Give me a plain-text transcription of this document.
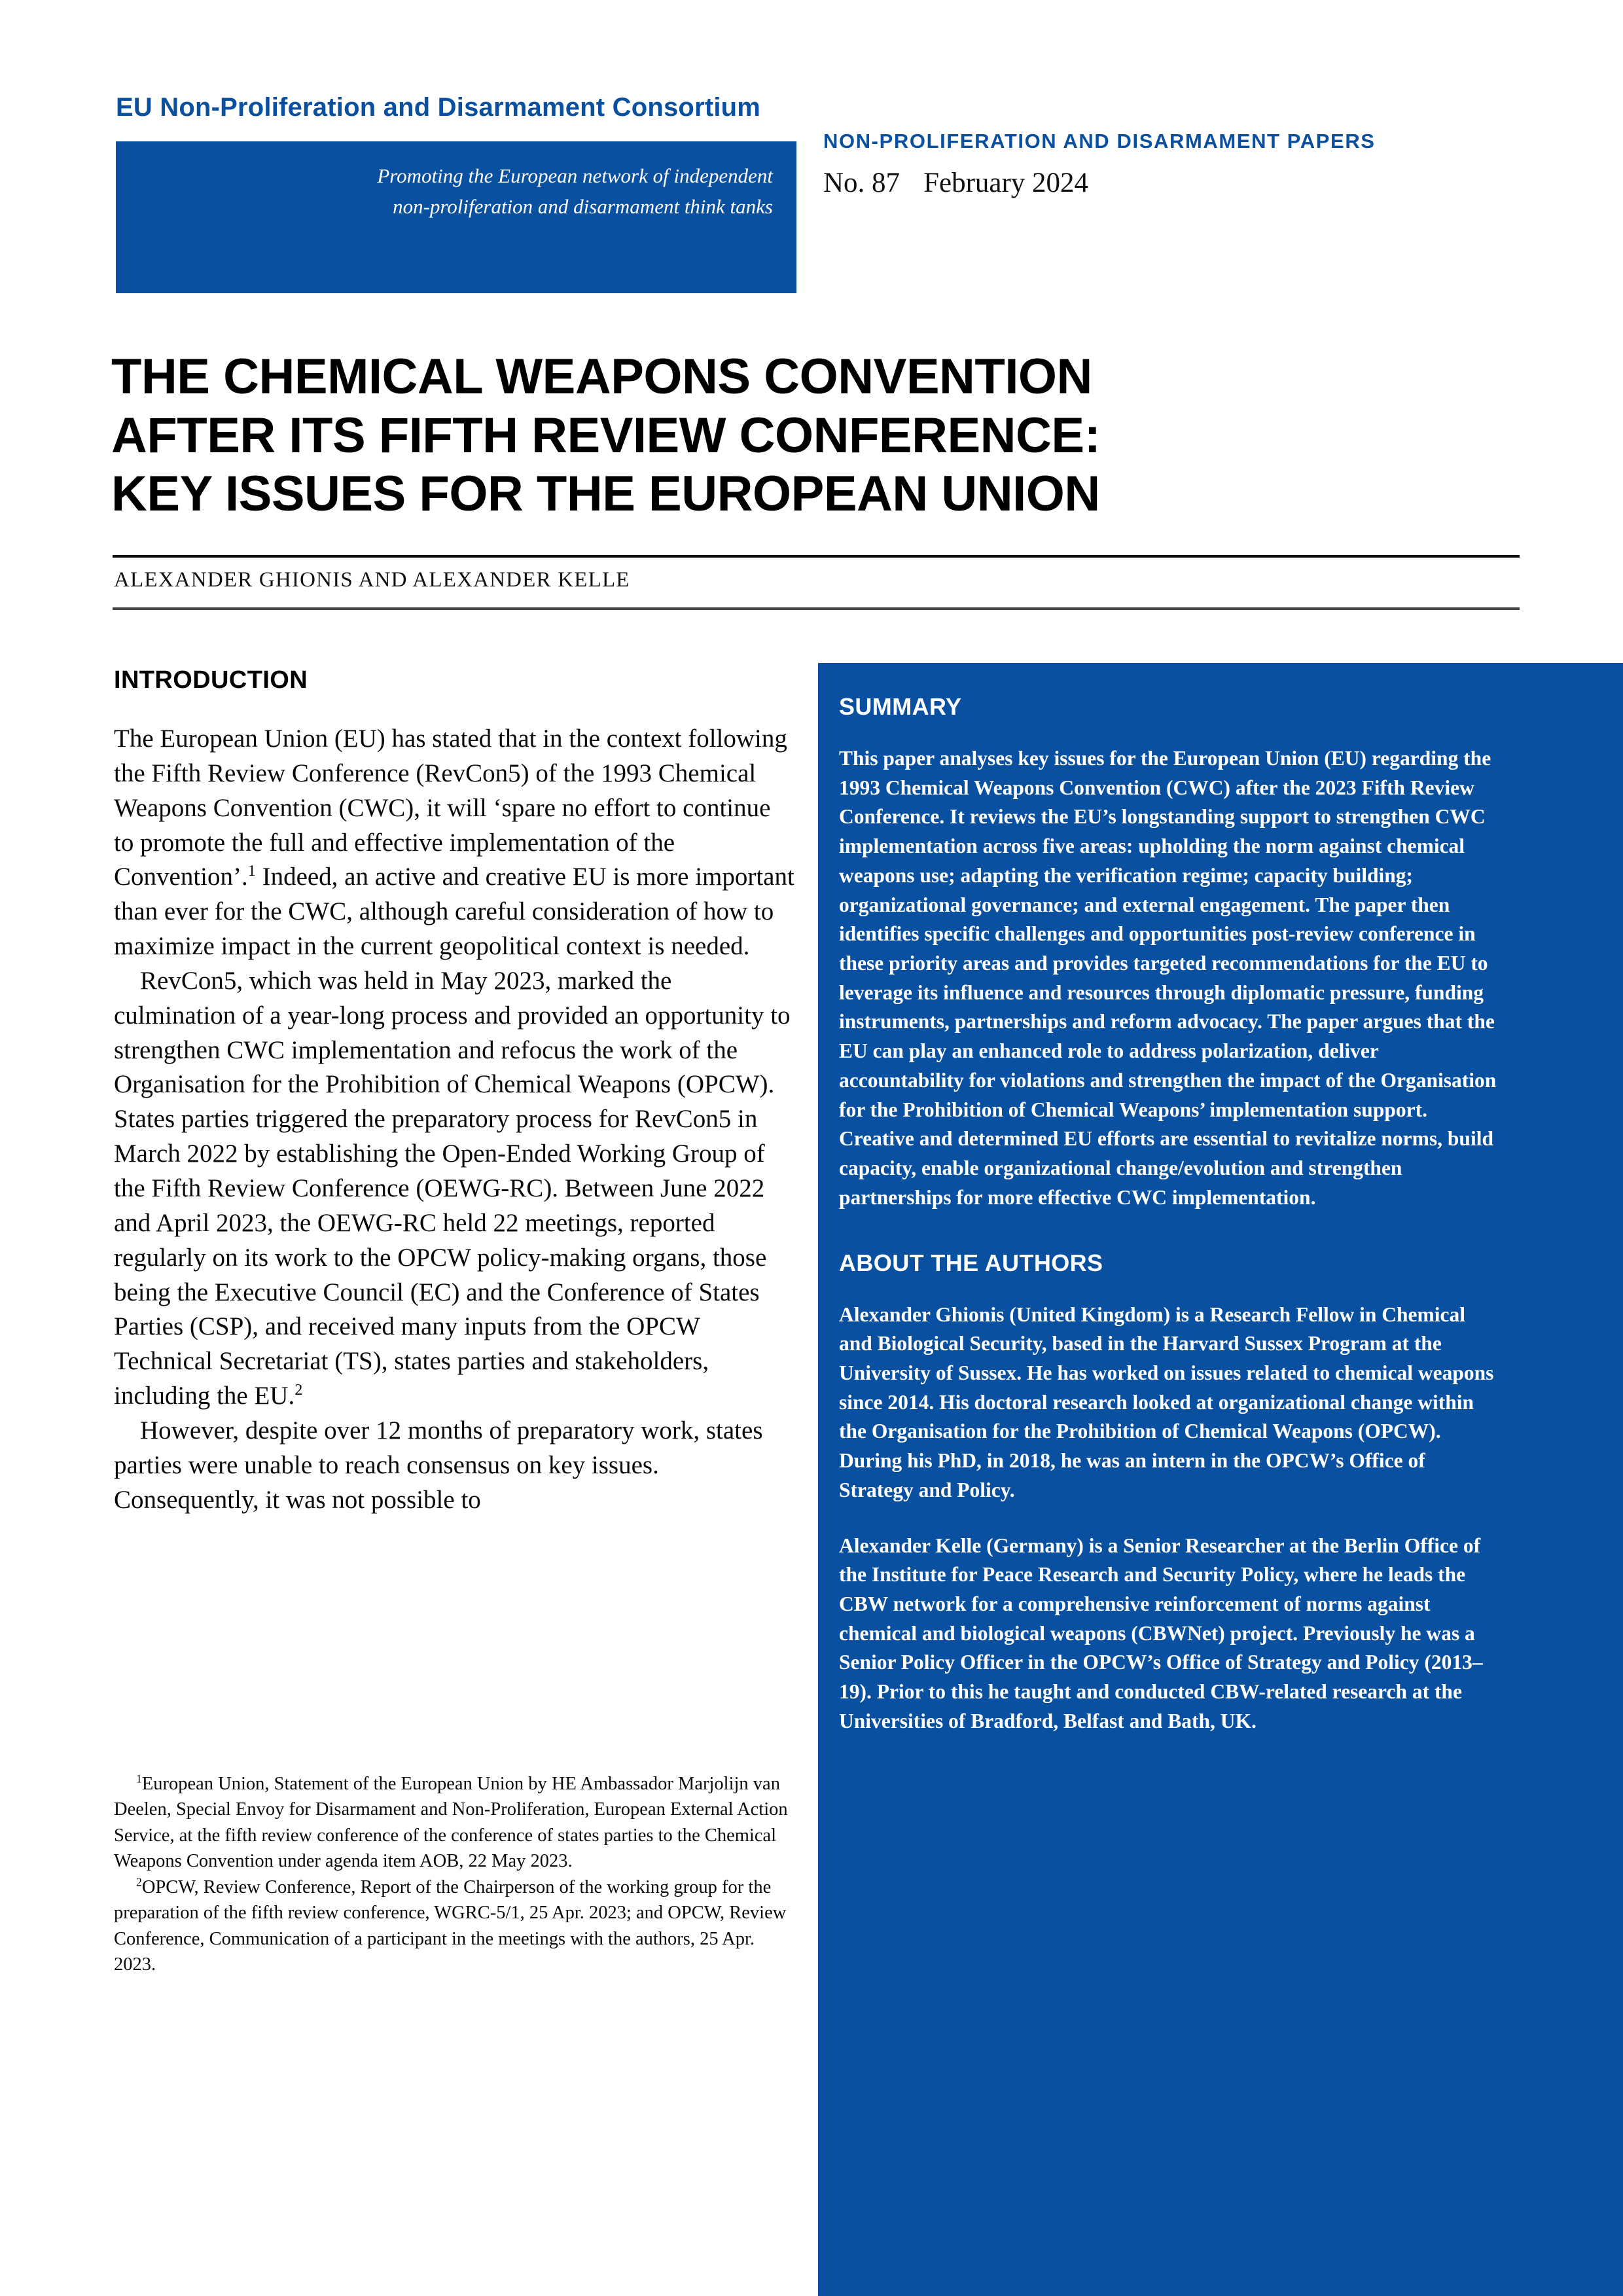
EU Non-Proliferation and Disarmament Consortium
Promoting the European network of independent
non-proliferation and disarmament think tanks
NON-PROLIFERATION AND DISARMAMENT PAPERS
No. 87 February 2024
THE CHEMICAL WEAPONS CONVENTION
AFTER ITS FIFTH REVIEW CONFERENCE:
KEY ISSUES FOR THE EUROPEAN UNION
ALEXANDER GHIONIS AND ALEXANDER KELLE
INTRODUCTION

The European Union (EU) has stated that in the context following the Fifth Review Conference (RevCon5) of the 1993 Chemical Weapons Convention (CWC), it will ‘spare no effort to continue to promote the full and effective implementation of the Convention’.$^1$ Indeed, an active and creative EU is more important than ever for the CWC, although careful consideration of how to maximize impact in the current geopolitical context is needed.

RevCon5, which was held in May 2023, marked the culmination of a year-long process and provided an opportunity to strengthen CWC implementation and refocus the work of the Organisation for the Prohibition of Chemical Weapons (OPCW). States parties triggered the preparatory process for RevCon5 in March 2022 by establishing the Open-Ended Working Group of the Fifth Review Conference (OEWG-RC). Between June 2022 and April 2023, the OEWG-RC held 22 meetings, reported regularly on its work to the OPCW policy-making organs, those being the Executive Council (EC) and the Conference of States Parties (CSP), and received many inputs from the OPCW Technical Secretariat (TS), states parties and stakeholders, including the EU.$^2$

However, despite over 12 months of preparatory work, states parties were unable to reach consensus on key issues. Consequently, it was not possible to

$^1$European Union, Statement of the European Union by HE Ambassador Marjolijn van Deelen, Special Envoy for Disarmament and Non-Proliferation, European External Action Service, at the fifth review conference of the conference of states parties to the Chemical Weapons Convention under agenda item AOB, 22 May 2023.

$^2$OPCW, Review Conference, Report of the Chairperson of the working group for the preparation of the fifth review conference, WGRC-5/1, 25 Apr. 2023; and OPCW, Review Conference, Communication of a participant in the meetings with the authors, 25 Apr. 2023.

SUMMARY

This paper analyses key issues for the European Union (EU) regarding the 1993 Chemical Weapons Convention (CWC) after the 2023 Fifth Review Conference. It reviews the EU’s longstanding support to strengthen CWC implementation across five areas: upholding the norm against chemical weapons use; adapting the verification regime; capacity building; organizational governance; and external engagement. The paper then identifies specific challenges and opportunities post-review conference in these priority areas and provides targeted recommendations for the EU to leverage its influence and resources through diplomatic pressure, funding instruments, partnerships and reform advocacy. The paper argues that the EU can play an enhanced role to address polarization, deliver accountability for violations and strengthen the impact of the Organisation for the Prohibition of Chemical Weapons’ implementation support. Creative and determined EU efforts are essential to revitalize norms, build capacity, enable organizational change/evolution and strengthen partnerships for more effective CWC implementation.

ABOUT THE AUTHORS

Alexander Ghionis (United Kingdom) is a Research Fellow in Chemical and Biological Security, based in the Harvard Sussex Program at the University of Sussex. He has worked on issues related to chemical weapons since 2014. His doctoral research looked at organizational change within the Organisation for the Prohibition of Chemical Weapons (OPCW). During his PhD, in 2018, he was an intern in the OPCW’s Office of Strategy and Policy.

Alexander Kelle (Germany) is a Senior Researcher at the Berlin Office of the Institute for Peace Research and Security Policy, where he leads the CBW network for a comprehensive reinforcement of norms against chemical and biological weapons (CBWNet) project. Previously he was a Senior Policy Officer in the OPCW’s Office of Strategy and Policy (2013–19). Prior to this he taught and conducted CBW-related research at the Universities of Bradford, Belfast and Bath, UK.
